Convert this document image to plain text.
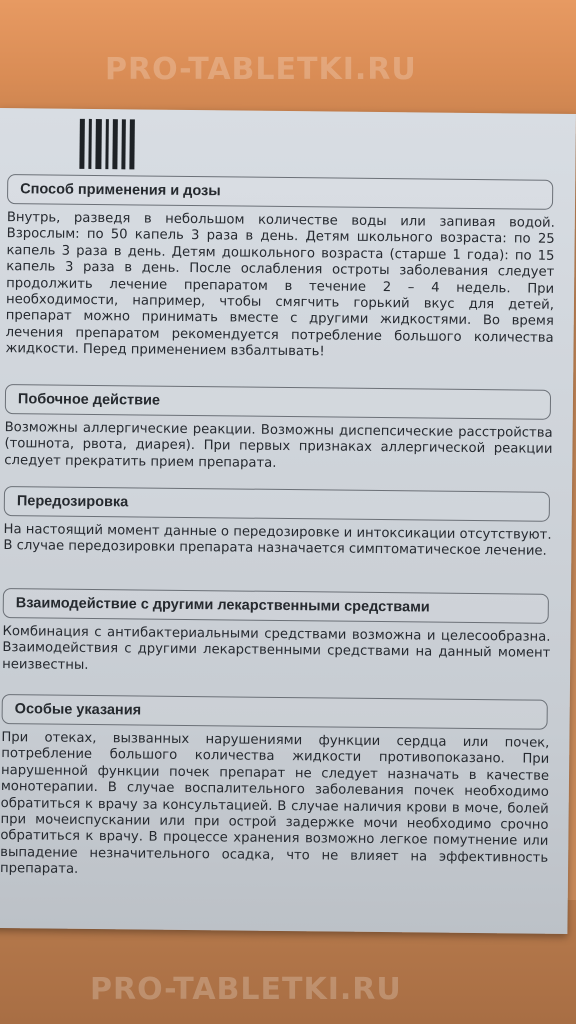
PRO-TABLETKI.RU
Способ применения и дозы
Внутрь, разведя в небольшом количестве воды или запивая водой. Взрослым: по 50 капель 3 раза в день. Детям школьного возраста: по 25 капель 3 раза в день. Детям дошкольного возраста (старше 1 года): по 15 капель 3 раза в день. После ослабления остроты заболевания следует продолжить лечение препаратом в течение 2 – 4 недель. При необходимости, например, чтобы смягчить горький вкус для детей, препарат можно принимать вместе с другими жидкостями. Во время лечения препаратом рекомендуется потребление большого количества жидкости. Перед применением взбалтывать!
Побочное действие
Возможны аллергические реакции. Возможны диспепсические расстройства (тошнота, рвота, диарея). При первых признаках аллергической реакции следует прекратить прием препарата.
Передозировка
На настоящий момент данные о передозировке и интоксикации отсутствуют. В случае передозировки препарата назначается симптоматическое лечение.
Взаимодействие с другими лекарственными средствами
Комбинация с антибактериальными средствами возможна и целесообразна. Взаимодействия с другими лекарственными средствами на данный момент неизвестны.
Особые указания
При отеках, вызванных нарушениями функции сердца или почек, потребление большого количества жидкости противопоказано. При нарушенной функции почек препарат не следует назначать в качестве монотерапии. В случае воспалительного заболевания почек необходимо обратиться к врачу за консультацией. В случае наличия крови в моче, болей при мочеиспускании или при острой задержке мочи необходимо срочно обратиться к врачу. В процессе хранения возможно легкое помутнение или выпадение незначительного осадка, что не влияет на эффективность препарата.
PRO-TABLETKI.RU
